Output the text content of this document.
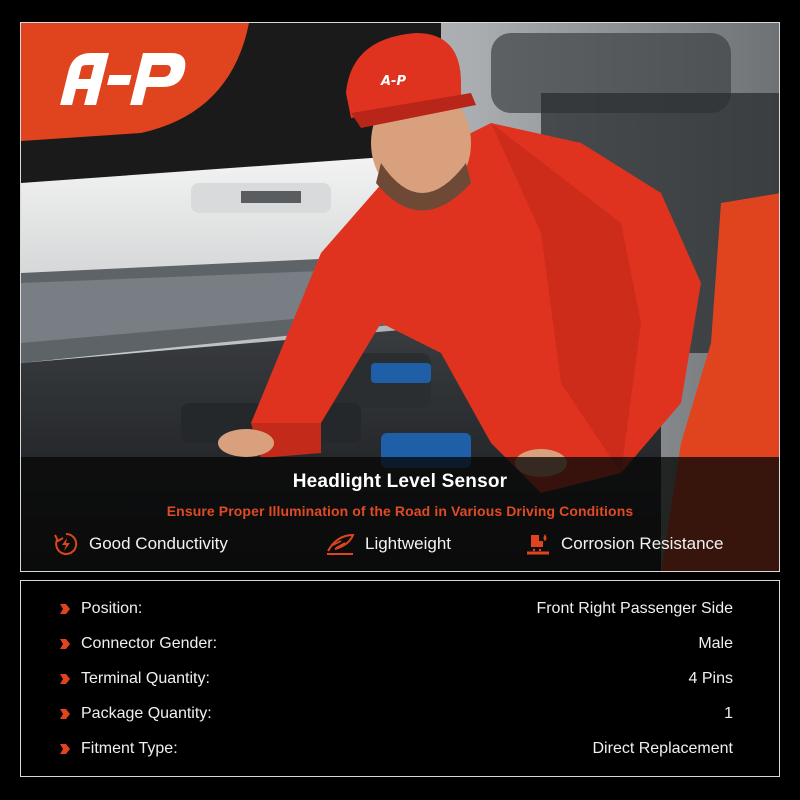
A-P
Headlight Level Sensor
Ensure Proper Illumination of the Road in Various Driving Conditions
Good Conductivity	Lightweight	Corrosion Resistance
Position:	Front Right Passenger Side
Connector Gender:	Male
Terminal Quantity:	4 Pins
Package Quantity:	1
Fitment Type:	Direct Replacement
